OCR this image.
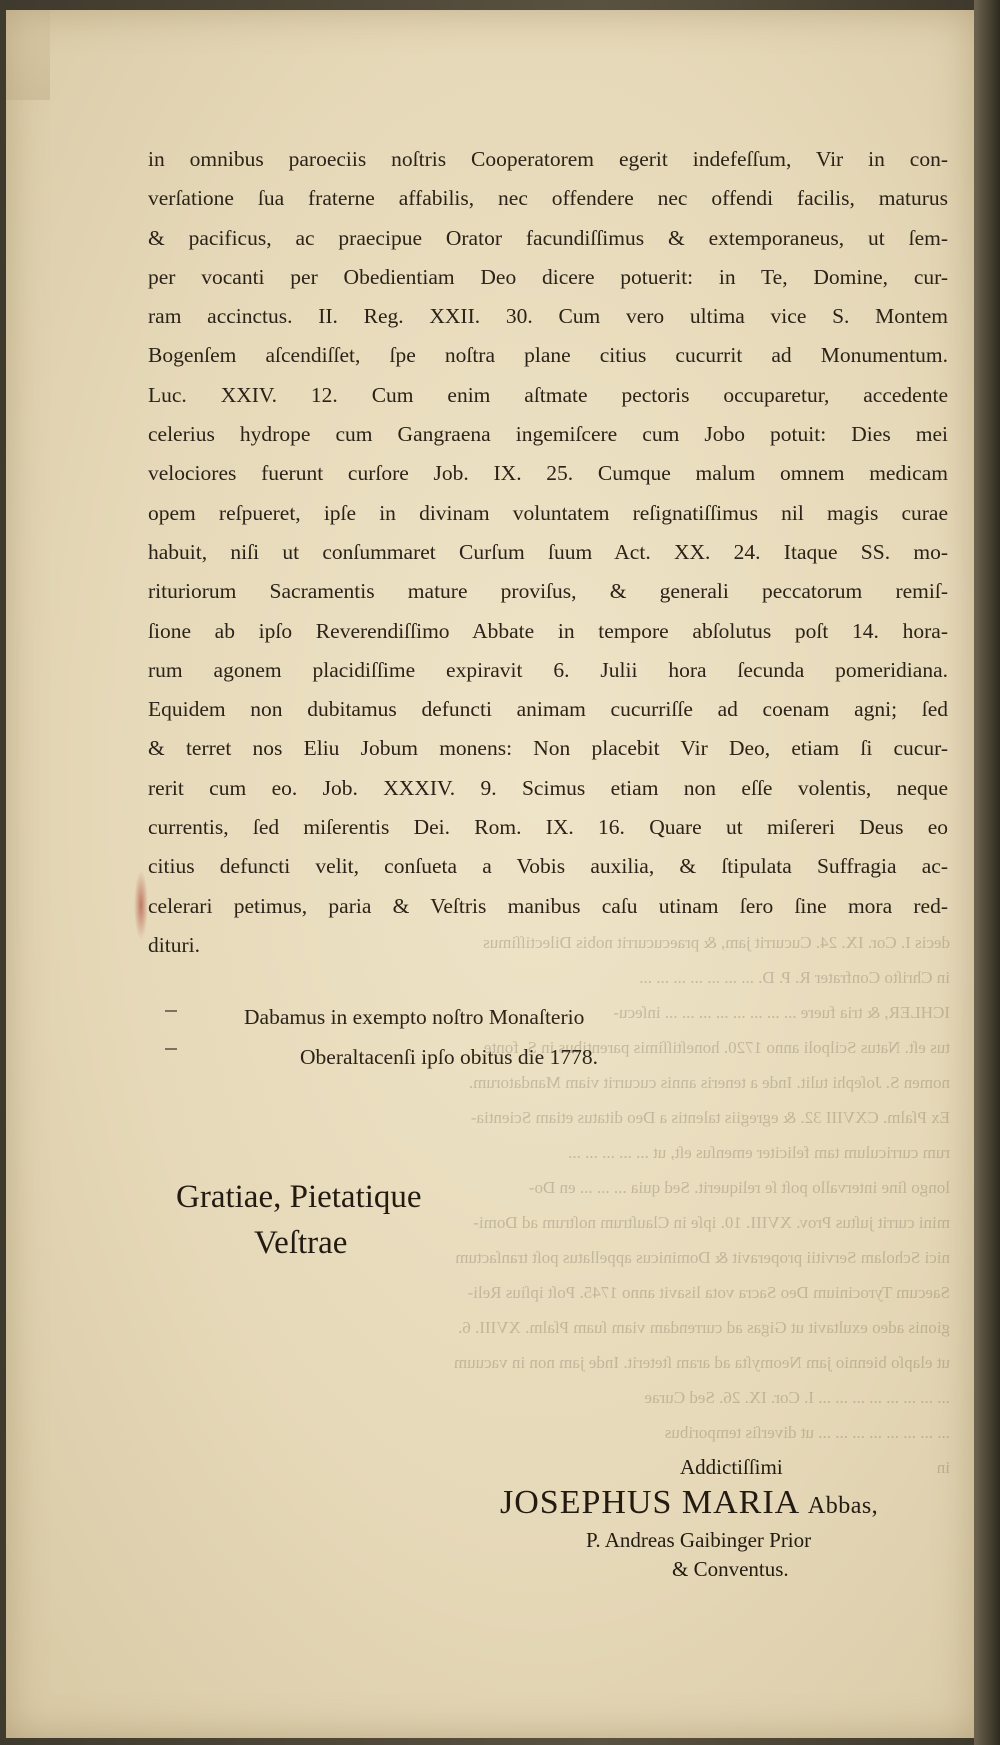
decis I. Cor. IX. 24. Cucurrit jam, & praecucurrit nobis Dilectiſſimus
in Chriſto Confrater R. P. D. ... ... ... ... ... ... ...
ICHLER, & tria fuere ... ... ... ... ... ... ... ... inſecu-
tus eſt. Natus Scilpoli anno 1720. honeſtiſſimis parentibus in S. fonte
nomen S. Joſephi tulit. Inde a teneris annis cucurrit viam Mandatorum.
Ex Pſalm. CXVIII 32. & egregiis talentis a Deo ditatus etiam Scientia-
rum curriculum tam feliciter emenſus eſt, ut ... ... ... ... ...
longo ſine intervallo poſt ſe reliquerit. Sed quia ... ... ... en Do-
mini currit juſtus Prov. XVIII. 10. ipſe in Clauſtrum noſtrum ad Domi-
nici Scholam Servitii properavit & Dominicus appellatus poſt tranſactum
Saecum Tyrocinium Deo Sacra vota lisavit anno 1745. Poſt ipſius Reli-
gionis adeo exultavit ut Gigas ad currendam viam ſuam Pſalm. XVIII. 6.
ut elapſo biennio jam Neomyſta ad aram ſteterit. Inde jam non in vacuum
... ... ... ... ... ... ... ... I. Cor. IX. 26. Sed Curae
... ... ... ... ... ... ... ... ut diverſis temporibus
in
in omnibus paroeciis noſtris Cooperatorem egerit indefeſſum, Vir in con-
verſatione ſua fraterne affabilis, nec offendere nec offendi facilis, maturus
& pacificus, ac praecipue Orator facundiſſimus & extemporaneus, ut ſem-
per vocanti per Obedientiam Deo dicere potuerit: in Te, Domine, cur-
ram accinctus. II. Reg. XXII. 30. Cum vero ultima vice S. Montem
Bogenſem aſcendiſſet, ſpe noſtra plane citius cucurrit ad Monumentum.
Luc. XXIV. 12. Cum enim aſtmate pectoris occuparetur, accedente
celerius hydrope cum Gangraena ingemiſcere cum Jobo potuit: Dies mei
velociores fuerunt curſore Job. IX. 25. Cumque malum omnem medicam
opem reſpueret, ipſe in divinam voluntatem reſignatiſſimus nil magis curae
habuit, niſi ut conſummaret Curſum ſuum Act. XX. 24. Itaque SS. mo-
rituriorum Sacramentis mature proviſus, & generali peccatorum remiſ-
ſione ab ipſo Reverendiſſimo Abbate in tempore abſolutus poſt 14. hora-
rum agonem placidiſſime expiravit 6. Julii hora ſecunda pomeridiana.
Equidem non dubitamus defuncti animam cucurriſſe ad coenam agni; ſed
& terret nos Eliu Jobum monens: Non placebit Vir Deo, etiam ſi cucur-
rerit cum eo. Job. XXXIV. 9. Scimus etiam non eſſe volentis, neque
currentis, ſed miſerentis Dei. Rom. IX. 16. Quare ut miſereri Deus eo
citius defuncti velit, conſueta a Vobis auxilia, & ſtipulata Suffragia ac-
celerari petimus, paria & Veſtris manibus caſu utinam ſero ſine mora red-
dituri.
Dabamus in exempto noſtro Monaſterio
Oberaltacenſi ipſo obitus die 1778.
Gratiae, Pietatique
Veſtrae
Addictiſſimi
JOSEPHUS MARIA Abbas,
P. Andreas Gaibinger Prior
& Conventus.
